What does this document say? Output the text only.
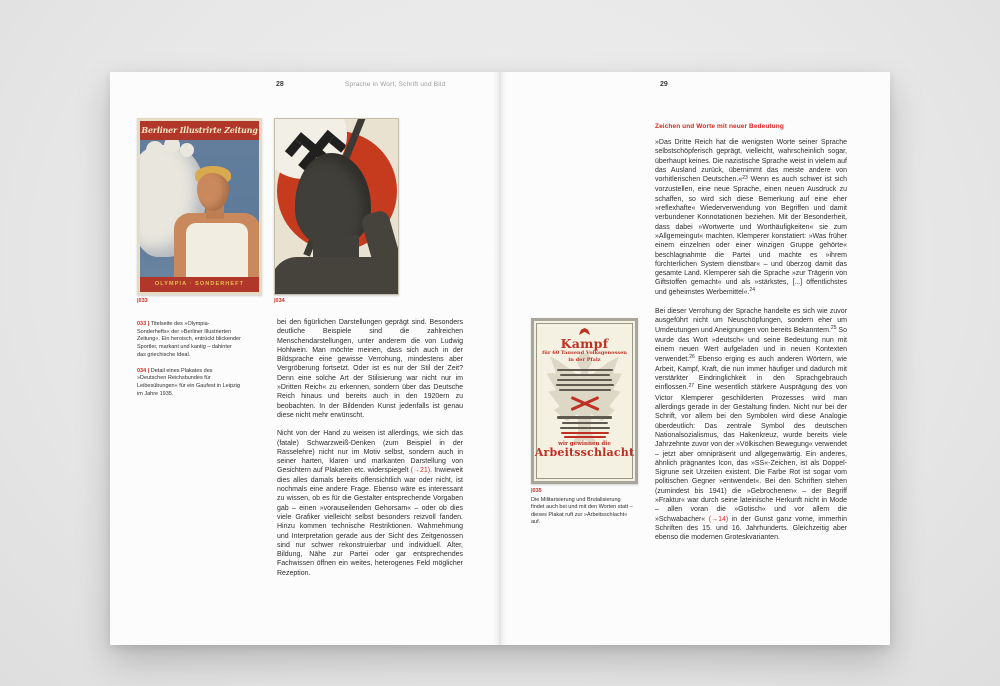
28	Sprache in Wort, Schrift und Bild
Berliner Illustrirte Zeitung
OLYMPIA · SONDERHEFT
|033	|034

033 | Titelseite des »Olympia-Sonderhefts« der »Berliner Illustrierten Zeitung«. Ein heroisch, entrückt blickender Sportler, markant und kantig – dahinter das griechische Ideal.

034 | Detail eines Plakates des »Deutschen Reichsbundes für Leibesübungen« für ein Gaufest in Leipzig im Jahre 1935.

bei den figürlichen Darstellungen geprägt sind. Besonders deutliche Beispiele sind die zahlreichen Menschendarstellungen, unter anderem die von Ludwig Hohlwein. Man möchte meinen, dass sich auch in der Bildsprache eine gewisse Verrohung, mindestens aber Vergröberung fortsetzt. Oder ist es nur der Stil der Zeit? Denn eine solche Art der Stilisierung war nicht nur im »Dritten Reich« zu erkennen, sondern über das Deutsche Reich hinaus und bereits auch in den 1920ern zu beobachten. In der Bildenden Kunst jedenfalls ist genau diese nicht mehr erwünscht.

Nicht von der Hand zu weisen ist allerdings, wie sich das (fatale) Schwarzweiß-Denken (zum Beispiel in der Rasselehre) nicht nur im Motiv selbst, sondern auch in seiner harten, klaren und markanten Darstellung von Gesichtern auf Plakaten etc. widerspiegelt (→21). Inwieweit dies alles damals bereits offensichtlich war oder nicht, ist nochmals eine andere Frage. Ebenso wäre es interessant zu wissen, ob es für die Gestalter entsprechende Vorgaben gab – einen »vorauseilenden Gehorsam« – oder ob dies viele Grafiker vielleicht selbst besonders reizvoll fanden. Hinzu kommen technische Restriktionen. Wahrnehmung und Interpretation gerade aus der Sicht des Zeitgenossen sind nur schwer rekonstruierbar und individuell. Alter, Bildung, Nähe zur Partei oder gar entsprechendes Fachwissen öffnen ein weites, heterogenes Feld möglicher Rezeption.

29
Zeichen und Worte mit neuer Bedeutung

»Das Dritte Reich hat die wenigsten Worte seiner Sprache selbstschöpferisch geprägt, vielleicht, wahrscheinlich sogar, überhaupt keines. Die nazistische Sprache weist in vielem auf das Ausland zurück, übernimmt das meiste andere von vorhitlerischen Deutschen.«$^{23}$ Wenn es auch schwer ist sich vorzustellen, eine neue Sprache, einen neuen Ausdruck zu schaffen, so wird sich diese Bemerkung auf eine eher »reflexhafte« Wiederverwendung von Begriffen und damit verbundener Konnotationen beziehen. Mit der Besonderheit, dass dabei »Wortwerte und Worthäufigkeiten« sie zum »Allgemeingut« machten. Klemperer konstatiert: »Was früher einem einzelnen oder einer winzigen Gruppe gehörte« beschlagnahmte die Partei und machte es »ihrem fürchterlichen System dienstbar« – und überzog damit das gesamte Land. Klemperer sah die Sprache »zur Trägerin von Giftstoffen gemacht« und als »stärkstes, [...] öffentlichstes und geheimstes Werbemittel«.$^{24}$

Bei dieser Verrohung der Sprache handelte es sich wie zuvor ausgeführt nicht um Neuschöpfungen, sondern eher um Umdeutungen und Aneignungen von bereits Bekanntem.$^{25}$ So wurde das Wort »deutsch« und seine Bedeutung nun mit einem neuen Wert aufgeladen und in neuen Kontexten verwendet.$^{26}$ Ebenso erging es auch anderen Wörtern, wie Arbeit, Kampf, Kraft, die nun immer häufiger und dadurch mit verstärkter Eindringlichkeit in den Sprachgebrauch einflossen.$^{27}$ Eine wesentlich stärkere Ausprägung des von Victor Klemperer geschilderten Prozesses wird man allerdings gerade in der Gestaltung finden. Nicht nur bei der Schrift, vor allem bei den Symbolen wird diese Analogie überdeutlich: Das zentrale Symbol des deutschen Nationalsozialismus, das Hakenkreuz, wurde bereits viele Jahrzehnte zuvor von der »Völkischen Bewegung« verwendet – jetzt aber omnipräsent und allgegenwärtig. Ein anderes, ähnlich prägnantes Icon, das »SS«-Zeichen, ist als Doppel-Sigrune seit Urzeiten existent. Die Farbe Rot ist sogar vom politischen Gegner »entwendet«. Bei den Schriften stehen (zumindest bis 1941) die »Gebrochenen« – der Begriff »Fraktur« war durch seine lateinische Herkunft nicht in Mode – allen voran die »Gotisch« und vor allem die »Schwabacher« (→14) in der Gunst ganz vorne, immerhin Schriften des 15. und 16. Jahrhunderts. Gleichzeitig aber ebenso die modernen Groteskvarianten.

Kampf
für 60 Tausend Volksgenossen
in der Pfalz
wir gewinnen die
Arbeitsschlacht
|035
Die Militarisierung und Brutalisierung findet auch bei und mit den Worten statt – dieses Plakat ruft zur »Arbeitsschlacht« auf.
